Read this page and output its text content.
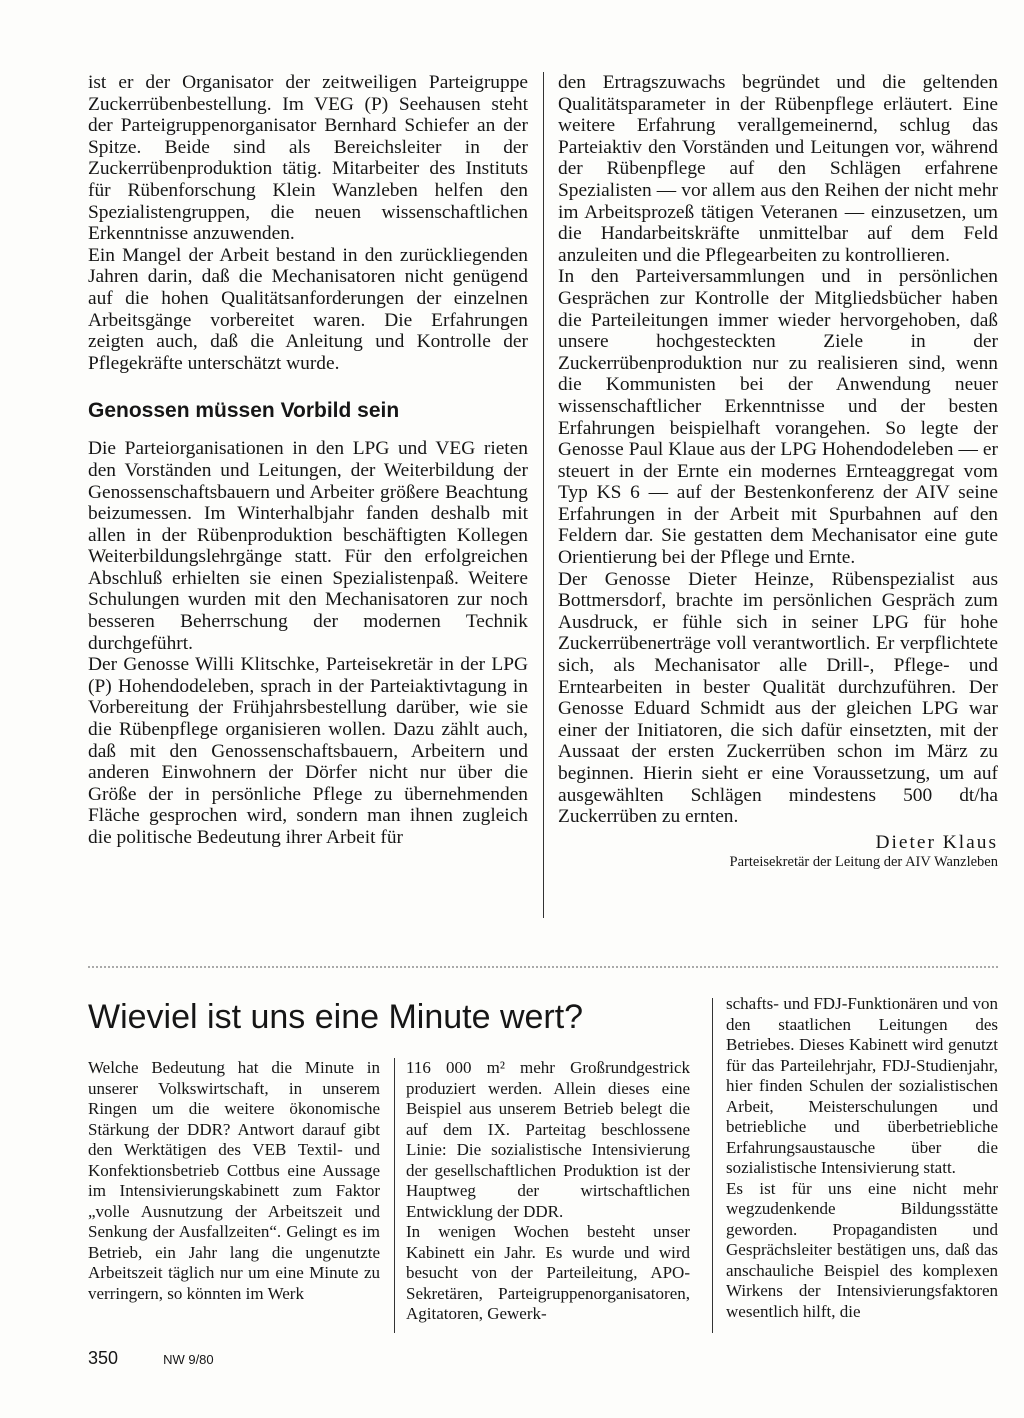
ist er der Organisator der zeitweiligen Parteigruppe Zuckerrübenbestellung. Im VEG (P) Seehausen steht der Parteigruppenorganisator Bernhard Schiefer an der Spitze. Beide sind als Bereichsleiter in der Zuckerrübenproduktion tätig. Mitarbeiter des Instituts für Rübenforschung Klein Wanzleben helfen den Spezialistengruppen, die neuen wissenschaftlichen Erkenntnisse anzuwenden.

Ein Mangel der Arbeit bestand in den zurückliegenden Jahren darin, daß die Mechanisatoren nicht genügend auf die hohen Qualitätsanforderungen der einzelnen Arbeitsgänge vorbereitet waren. Die Erfahrungen zeigten auch, daß die Anleitung und Kontrolle der Pflegekräfte unterschätzt wurde.

Genossen müssen Vorbild sein

Die Parteiorganisationen in den LPG und VEG rieten den Vorständen und Leitungen, der Weiterbildung der Genossenschaftsbauern und Arbeiter größere Beachtung beizumessen. Im Winterhalbjahr fanden deshalb mit allen in der Rübenproduktion beschäftigten Kollegen Weiterbildungslehrgänge statt. Für den erfolgreichen Abschluß erhielten sie einen Spezialistenpaß. Weitere Schulungen wurden mit den Mechanisatoren zur noch besseren Beherrschung der modernen Technik durchgeführt.

Der Genosse Willi Klitschke, Parteisekretär in der LPG (P) Hohendodeleben, sprach in der Parteiaktivtagung in Vorbereitung der Frühjahrsbestellung darüber, wie sie die Rübenpflege organisieren wollen. Dazu zählt auch, daß mit den Genossenschaftsbauern, Arbeitern und anderen Einwohnern der Dörfer nicht nur über die Größe der in persönliche Pflege zu übernehmenden Fläche gesprochen wird, sondern man ihnen zugleich die politische Bedeutung ihrer Arbeit für

den Ertragszuwachs begründet und die geltenden Qualitätsparameter in der Rübenpflege erläutert. Eine weitere Erfahrung verallgemeinernd, schlug das Parteiaktiv den Vorständen und Leitungen vor, während der Rübenpflege auf den Schlägen erfahrene Spezialisten — vor allem aus den Reihen der nicht mehr im Arbeitsprozeß tätigen Veteranen — einzusetzen, um die Handarbeitskräfte unmittelbar auf dem Feld anzuleiten und die Pflegearbeiten zu kontrollieren.

In den Parteiversammlungen und in persönlichen Gesprächen zur Kontrolle der Mitgliedsbücher haben die Parteileitungen immer wieder hervorgehoben, daß unsere hochgesteckten Ziele in der Zuckerrübenproduktion nur zu realisieren sind, wenn die Kommunisten bei der Anwendung neuer wissenschaftlicher Erkenntnisse und der besten Erfahrungen beispielhaft vorangehen. So legte der Genosse Paul Klaue aus der LPG Hohendodeleben — er steuert in der Ernte ein modernes Ernteaggregat vom Typ KS 6 — auf der Bestenkonferenz der AIV seine Erfahrungen in der Arbeit mit Spurbahnen auf den Feldern dar. Sie gestatten dem Mechanisator eine gute Orientierung bei der Pflege und Ernte.

Der Genosse Dieter Heinze, Rübenspezialist aus Bottmersdorf, brachte im persönlichen Gespräch zum Ausdruck, er fühle sich in seiner LPG für hohe Zuckerrübenerträge voll verantwortlich. Er verpflichtete sich, als Mechanisator alle Drill-, Pflege- und Erntearbeiten in bester Qualität durchzuführen. Der Genosse Eduard Schmidt aus der gleichen LPG war einer der Initiatoren, die sich dafür einsetzten, mit der Aussaat der ersten Zuckerrüben schon im März zu beginnen. Hierin sieht er eine Voraussetzung, um auf ausgewählten Schlägen mindestens 500 dt/ha Zuckerrüben zu ernten.

Dieter Klaus

Parteisekretär der Leitung der AIV Wanzleben

Wieviel ist uns eine Minute wert?

Welche Bedeutung hat die Minute in unserer Volkswirtschaft, in unserem Ringen um die weitere ökonomische Stärkung der DDR? Antwort darauf gibt den Werktätigen des VEB Textil- und Konfektionsbetrieb Cottbus eine Aussage im Intensivierungskabinett zum Faktor „volle Ausnutzung der Arbeitszeit und Senkung der Ausfallzeiten“. Gelingt es im Betrieb, ein Jahr lang die ungenutzte Arbeitszeit täglich nur um eine Minute zu verringern, so könnten im Werk

116 000 m² mehr Großrundgestrick produziert werden. Allein dieses eine Beispiel aus unserem Betrieb belegt die auf dem IX. Parteitag beschlossene Linie: Die sozialistische Intensivierung der gesellschaftlichen Produktion ist der Hauptweg der wirtschaftlichen Entwicklung der DDR.

In wenigen Wochen besteht unser Kabinett ein Jahr. Es wurde und wird besucht von der Parteileitung, APO-Sekretären, Parteigruppenorganisatoren, Agitatoren, Gewerk-

schafts- und FDJ-Funktionären und von den staatlichen Leitungen des Betriebes. Dieses Kabinett wird genutzt für das Parteilehrjahr, FDJ-Studienjahr, hier finden Schulen der sozialistischen Arbeit, Meisterschulungen und betriebliche und überbetriebliche Erfahrungsaustausche über die sozialistische Intensivierung statt.

Es ist für uns eine nicht mehr wegzudenkende Bildungsstätte geworden. Propagandisten und Gesprächsleiter bestätigen uns, daß das anschauliche Beispiel des komplexen Wirkens der Intensivierungsfaktoren wesentlich hilft, die

350	NW 9/80
